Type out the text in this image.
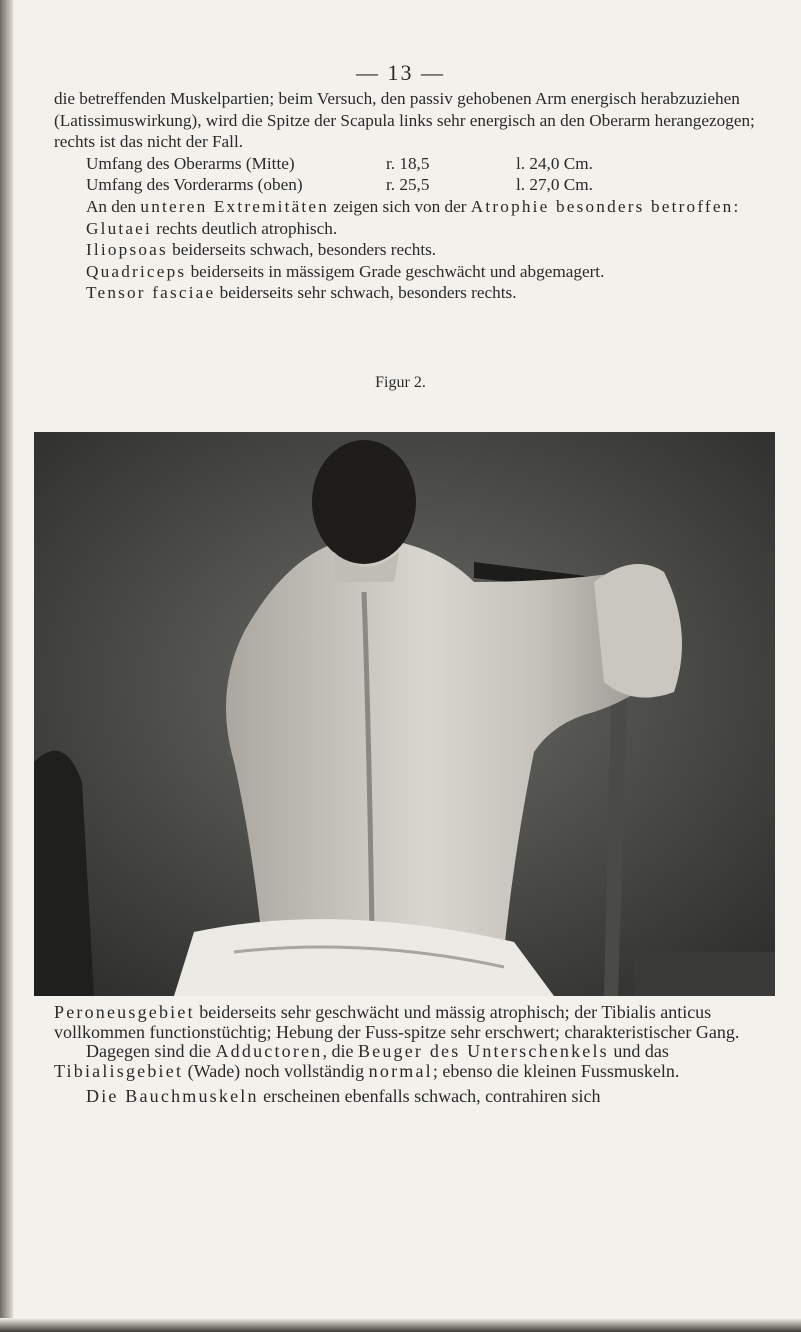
— 13 —

die betreffenden Muskelpartien; beim Versuch, den passiv gehobenen Arm energisch herabzuziehen (Latissimuswirkung), wird die Spitze der Scapula links sehr energisch an den Oberarm herangezogen; rechts ist das nicht der Fall.

Umfang des Oberarms (Mitte)	r. 18,5	l. 24,0 Cm.
Umfang des Vorderarms (oben)	r. 25,5	l. 27,0 Cm.

An den unteren Extremitäten zeigen sich von der Atrophie besonders betroffen:

Glutaei rechts deutlich atrophisch.

Iliopsoas beiderseits schwach, besonders rechts.

Quadriceps beiderseits in mässigem Grade geschwächt und abgemagert.

Tensor fasciae beiderseits sehr schwach, besonders rechts.

Figur 2.

Peroneusgebiet beiderseits sehr geschwächt und mässig atrophisch; der Tibialis anticus vollkommen functionstüchtig; Hebung der Fuss-spitze sehr erschwert; charakteristischer Gang.

Dagegen sind die Adductoren, die Beuger des Unterschenkels und das Tibialisgebiet (Wade) noch vollständig normal; ebenso die kleinen Fussmuskeln.

Die Bauchmuskeln erscheinen ebenfalls schwach, contrahiren sich
